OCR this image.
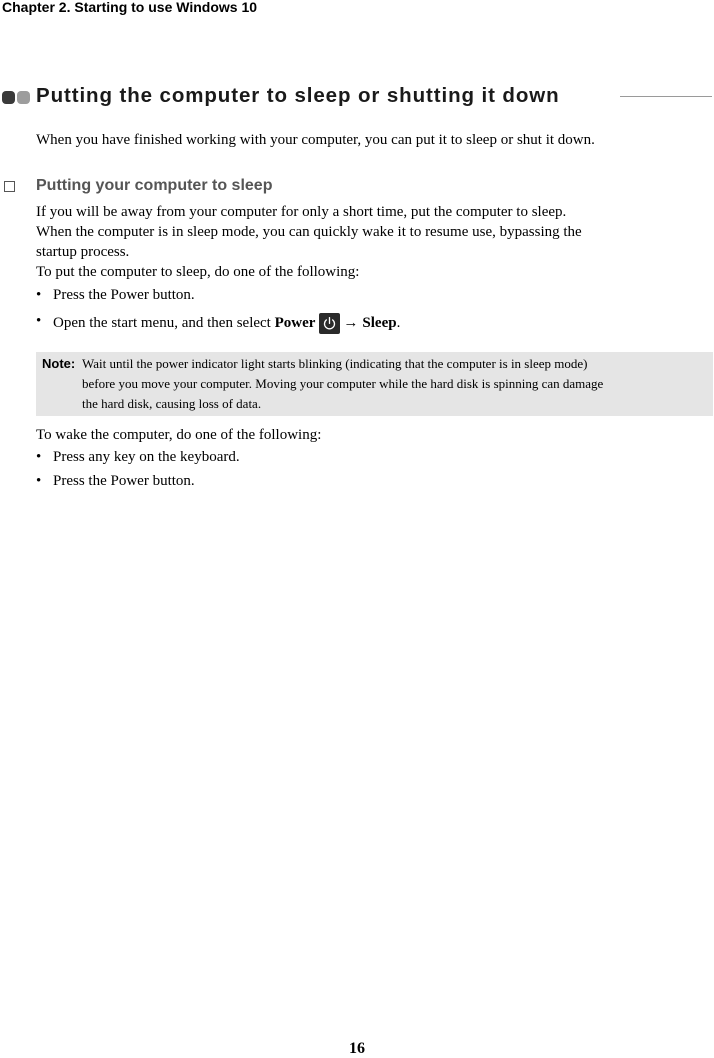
Chapter 2. Starting to use Windows 10
Putting the computer to sleep or shutting it down
When you have finished working with your computer, you can put it to sleep or shut it down.
Putting your computer to sleep
If you will be away from your computer for only a short time, put the computer to sleep.
When the computer is in sleep mode, you can quickly wake it to resume use, bypassing the
startup process.
To put the computer to sleep, do one of the following:
• Press the Power button.
• Open the start menu, and then select Power → Sleep .
Note: Wait until the power indicator light starts blinking (indicating that the computer is in sleep mode)
before you move your computer. Moving your computer while the hard disk is spinning can damage
the hard disk, causing loss of data.
To wake the computer, do one of the following:
• Press any key on the keyboard.
• Press the Power button.
16
